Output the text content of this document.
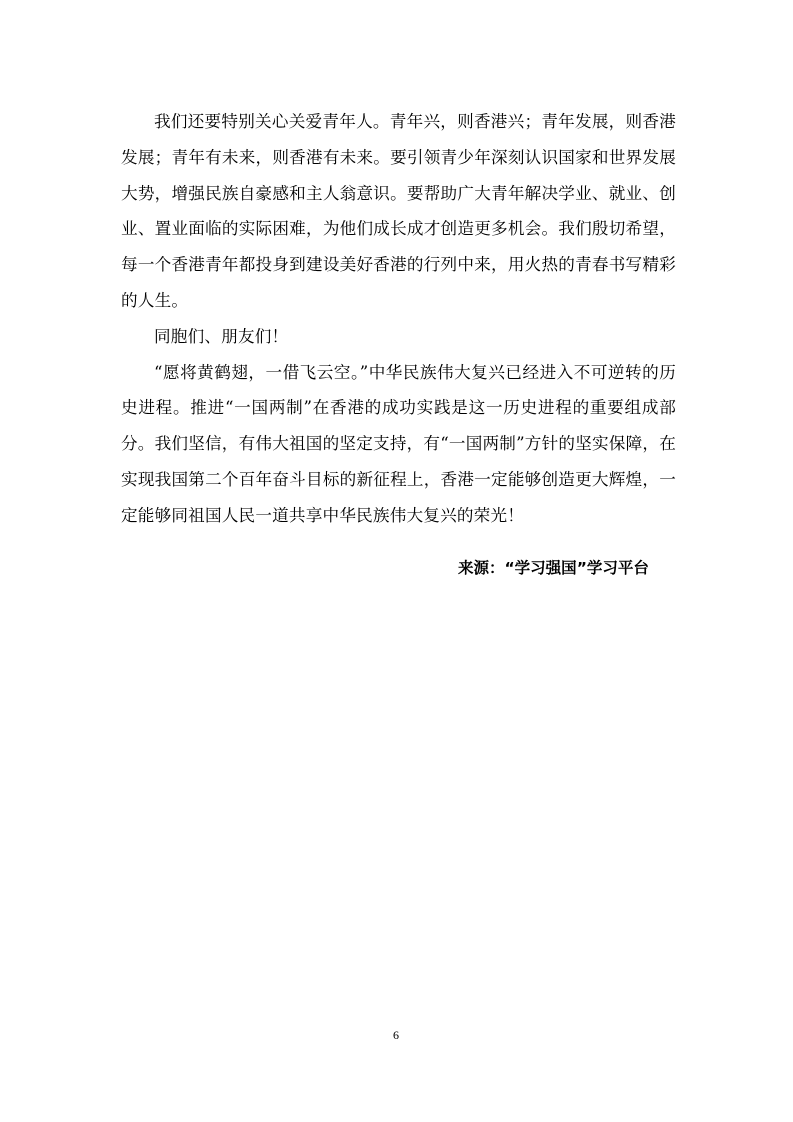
我们还要特别关心关爱青年人。青年兴，则香港兴；青年发展，则香港发展；青年有未来，则香港有未来。要引领青少年深刻认识国家和世界发展大势，增强民族自豪感和主人翁意识。要帮助广大青年解决学业、就业、创业、置业面临的实际困难，为他们成长成才创造更多机会。我们殷切希望，每一个香港青年都投身到建设美好香港的行列中来，用火热的青春书写精彩的人生。

同胞们、朋友们！

“愿将黄鹤翅，一借飞云空。”中华民族伟大复兴已经进入不可逆转的历史进程。推进“一国两制”在香港的成功实践是这一历史进程的重要组成部分。我们坚信，有伟大祖国的坚定支持，有“一国两制”方针的坚实保障，在实现我国第二个百年奋斗目标的新征程上，香港一定能够创造更大辉煌，一定能够同祖国人民一道共享中华民族伟大复兴的荣光！

来源：“学习强国”学习平台
6
